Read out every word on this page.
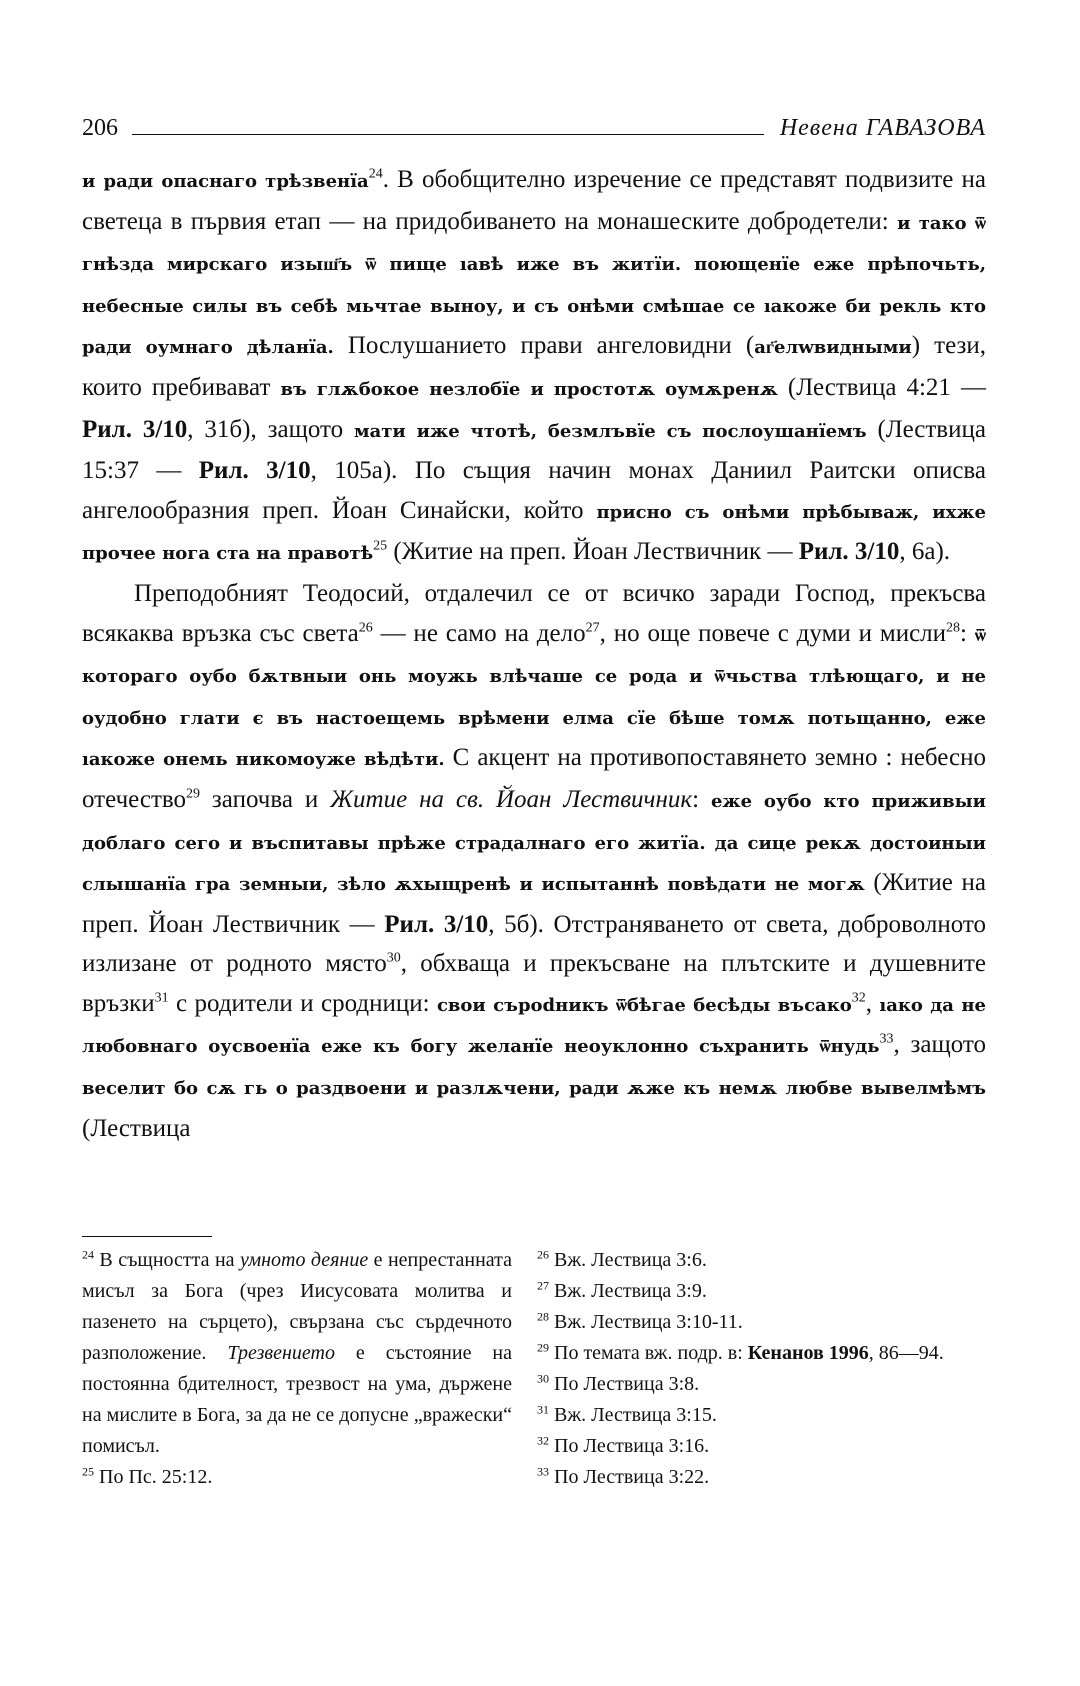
206	Невена ГАВАЗОВА

и ради опаснаго трѣзвенїа$^{24}$. В обобщително изречение се представят подвизите на светеца в първия етап — на придобиването на монашеските добродетели: и тако ѿ гнѣзда мирскаго изыш҃ъ ѿ пище ıавѣ иже въ житїи. поющенїе еже прѣпочьть, небесные силы въ себѣ мьчтае выноу, и съ онѣми смѣшае се ıакоже би рекль кто ради оумнаго дѣланїа. Послушанието прави ангеловидни (аг҃елwвидными) тези, които пребивават въ глѫбокое незлобїе и простотѫ оумѫренѫ (Лествица 4:21 — Рил. 3/10, 31б), защото мати иже чтотѣ, безмлъвїе съ послоушанїемъ (Лествица 15:37 — Рил. 3/10, 105а). По същия начин монах Даниил Раитски описва ангелообразния преп. Йоан Синайски, който присно съ онѣми прѣбываж, ихже прочее нога ста на правотѣ$^{25}$ (Житие на преп. Йоан Лествичник — Рил. 3/10, 6а).

Преподобният Теодосий, отдалечил се от всичко заради Господ, прекъсва всякаква връзка със света$^{26}$ — не само на дело$^{27}$, но още повече с думи и мисли$^{28}$: ѿ котораго оубо бѫтвныи онь моужь влѣчаше се рода и ѿчьства тлѣющаго, и не оудобно глати є въ настоещемь врѣмени елма сїе бѣше томѫ потьщанно, еже ıакоже онемь никомоуже вѣдѣти. С акцент на противопоставянето земно : небесно отечество$^{29}$ започва и Житие на св. Йоан Лествичник: еже оубо кто приживыи доблаго сего и въспитавы прѣже страдалнаго его житїа. да сице рекѫ достоиныи слышанїа гра земныи, зѣло ѫхыщренѣ и испытаннѣ повѣдати не могѫ (Житие на преп. Йоан Лествичник — Рил. 3/10, 5б). Отстраняването от света, доброволното излизане от родното място$^{30}$, обхваща и прекъсване на плътските и душевните връзки$^{31}$ с родители и сродници: свои сърodникъ ѿбѣгае бесѣды въсако$^{32}$, ıако да не любовнаго оусвоенїа еже къ богу желанїе неоуклонно съхранить ѿнудь$^{33}$, защото веселит бо сѫ гь о раздвоени и разлѫчени, ради ѫже къ немѫ любве вывелмѣмъ (Лествица

$^{24}$ В същността на умното деяние е непрестанната мисъл за Бога (чрез Иисусовата молитва и пазенето на сърцето), свързана със сърдечното разположение. Трезвението е състояние на постоянна бдителност, трезвост на ума, държене на мислите в Бога, за да не се допусне „вражески“ помисъл.

$^{25}$ По Пс. 25:12.

$^{26}$ Вж. Лествица 3:6.

$^{27}$ Вж. Лествица 3:9.

$^{28}$ Вж. Лествица 3:10-11.

$^{29}$ По темата вж. подр. в: Кенанов 1996, 86—94.

$^{30}$ По Лествица 3:8.

$^{31}$ Вж. Лествица 3:15.

$^{32}$ По Лествица 3:16.

$^{33}$ По Лествица 3:22.
